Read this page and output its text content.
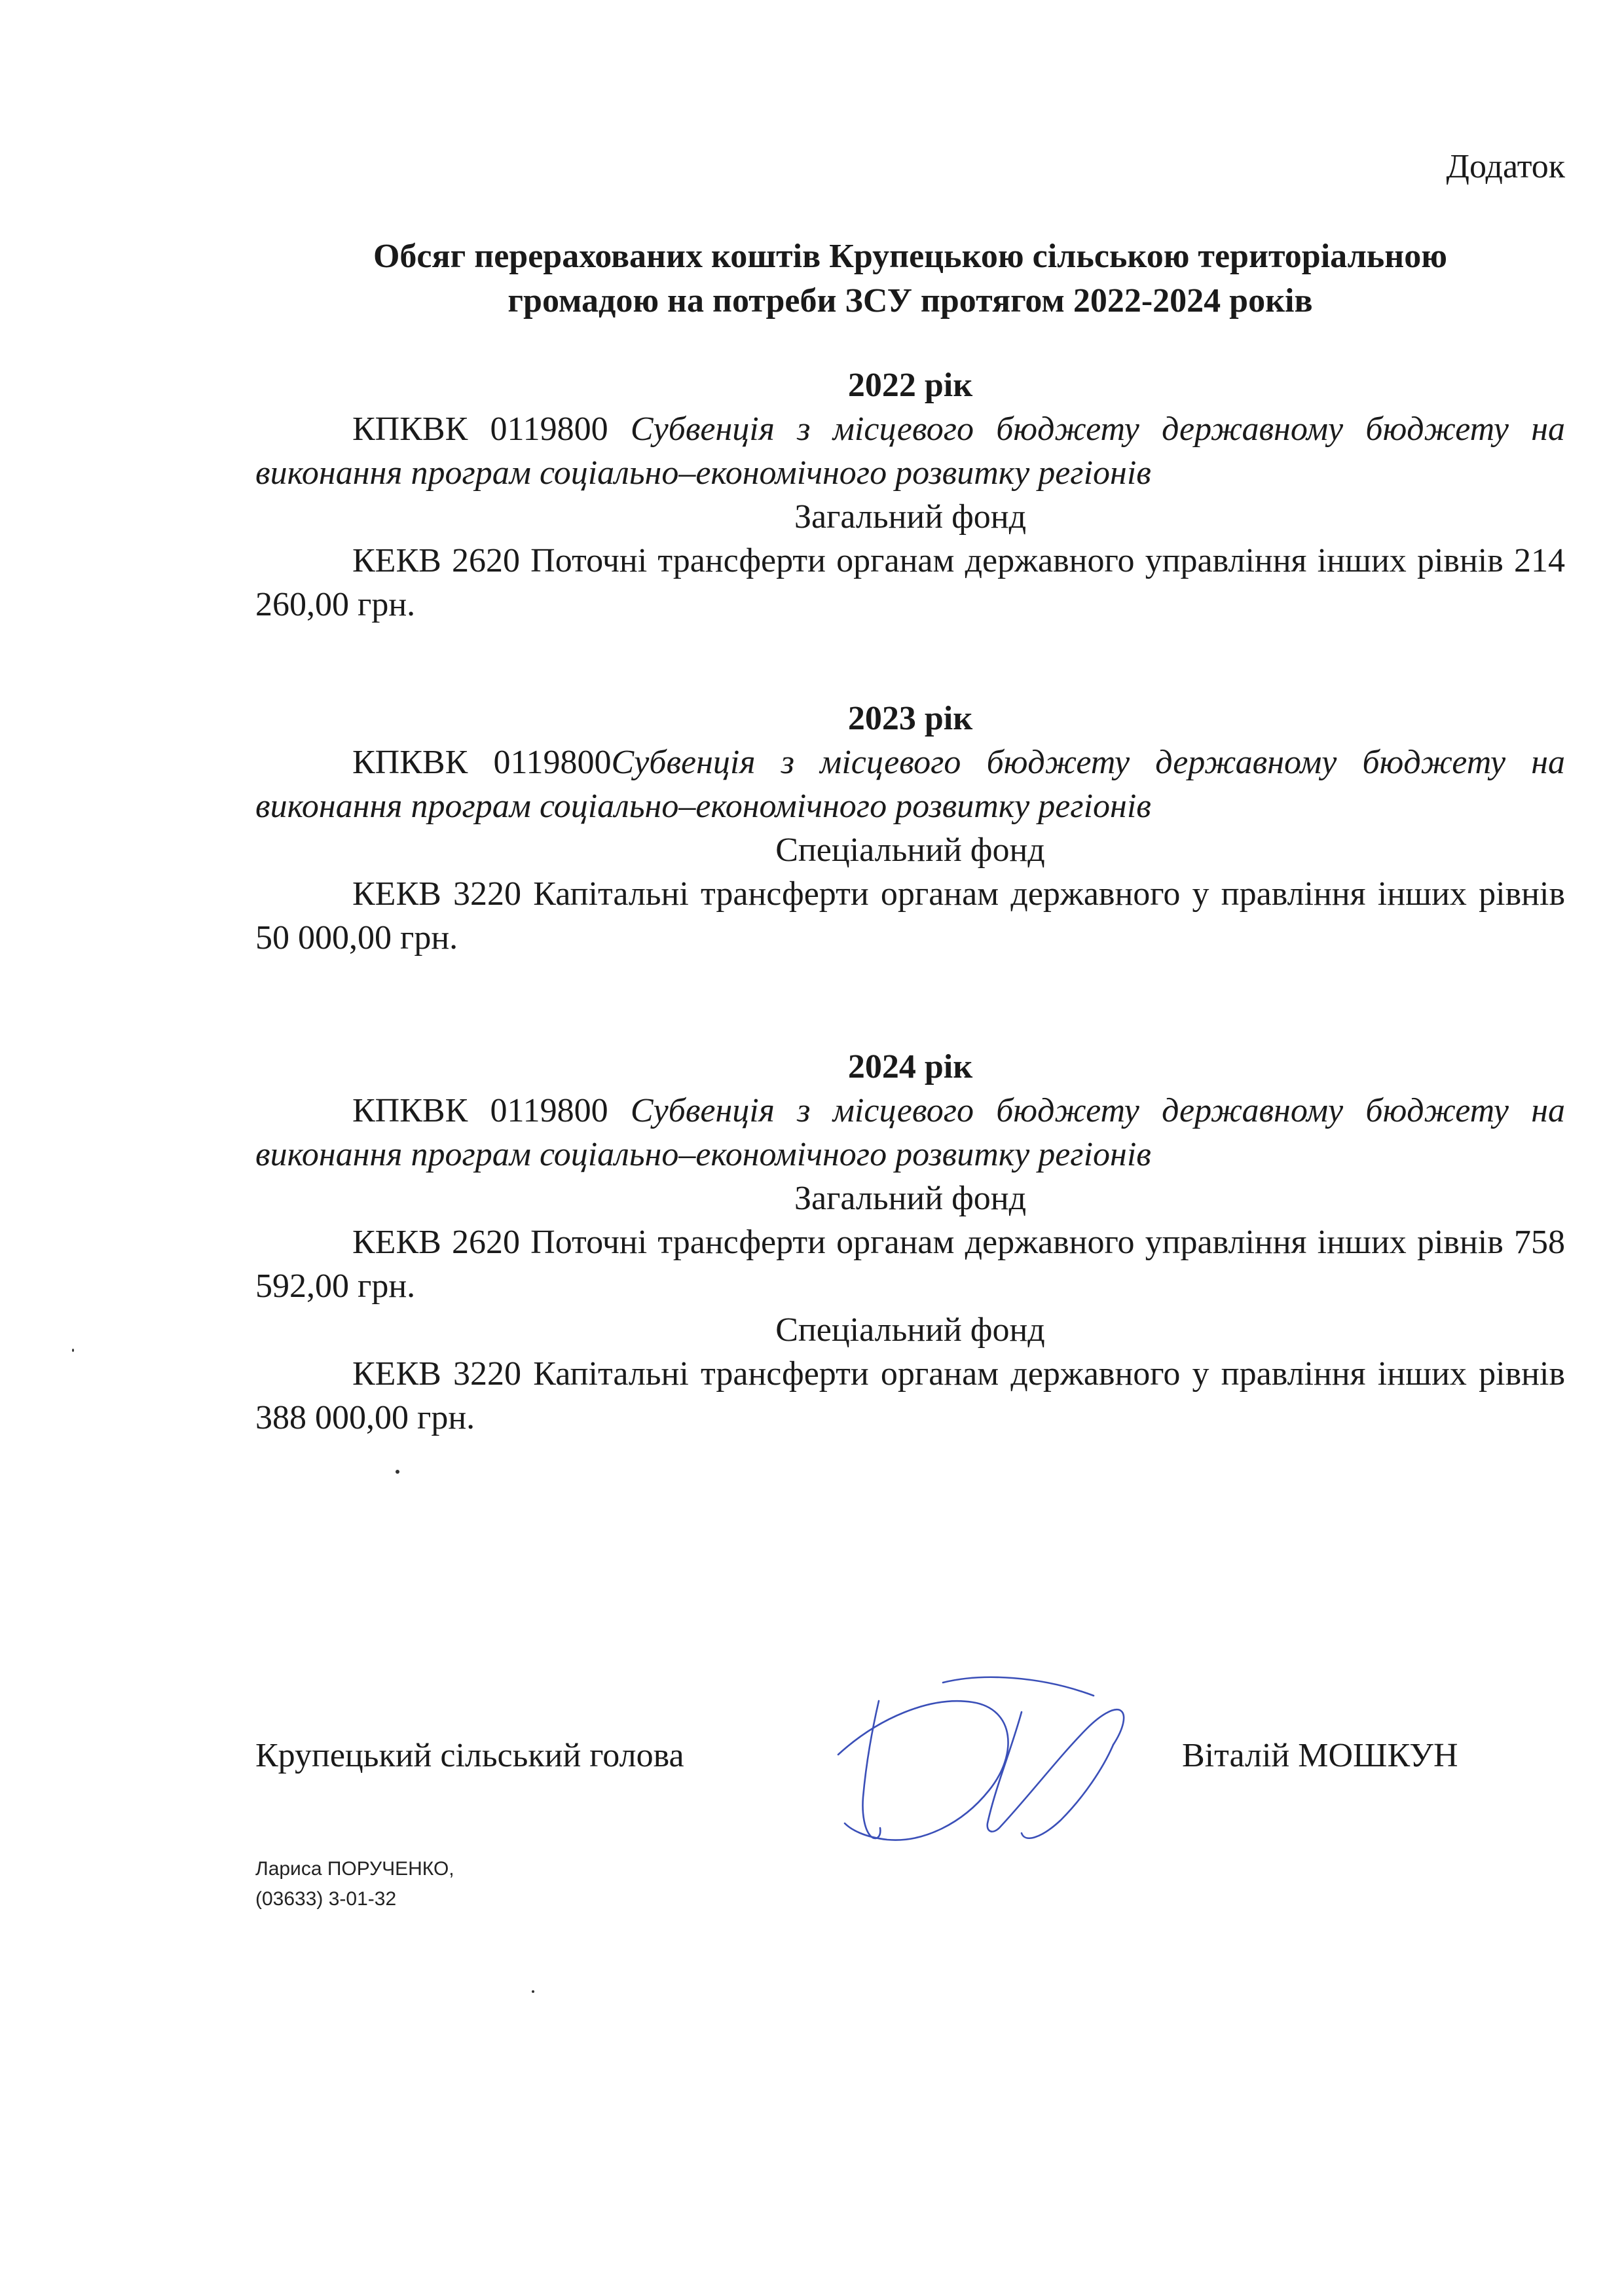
Додаток
Обсяг перерахованих коштів Крупецькою сільською територіальною
громадою на потреби ЗСУ протягом 2022-2024 років

2022 рік

КПКВК 0119800 Субвенція з місцевого бюджету державному бюджету на виконання програм соціально–економічного розвитку регіонів

Загальний фонд

КЕКВ 2620 Поточні трансферти органам державного управління інших рівнів 214 260,00 грн.

2023 рік

КПКВК 0119800Субвенція з місцевого бюджету державному бюджету на виконання програм соціально–економічного розвитку регіонів

Спеціальний фонд

КЕКВ 3220 Капітальні трансферти органам державного у правління інших рівнів 50 000,00 грн.

2024 рік

КПКВК 0119800 Субвенція з місцевого бюджету державному бюджету на виконання програм соціально–економічного розвитку регіонів

Загальний фонд

КЕКВ 2620 Поточні трансферти органам державного управління інших рівнів 758 592,00 грн.

Спеціальний фонд

КЕКВ 3220 Капітальні трансферти органам державного у правління інших рівнів 388 000,00 грн.

Крупецький сільський голова	Віталій МОШКУН
Лариса ПОРУЧЕНКО,
(03633) 3-01-32
